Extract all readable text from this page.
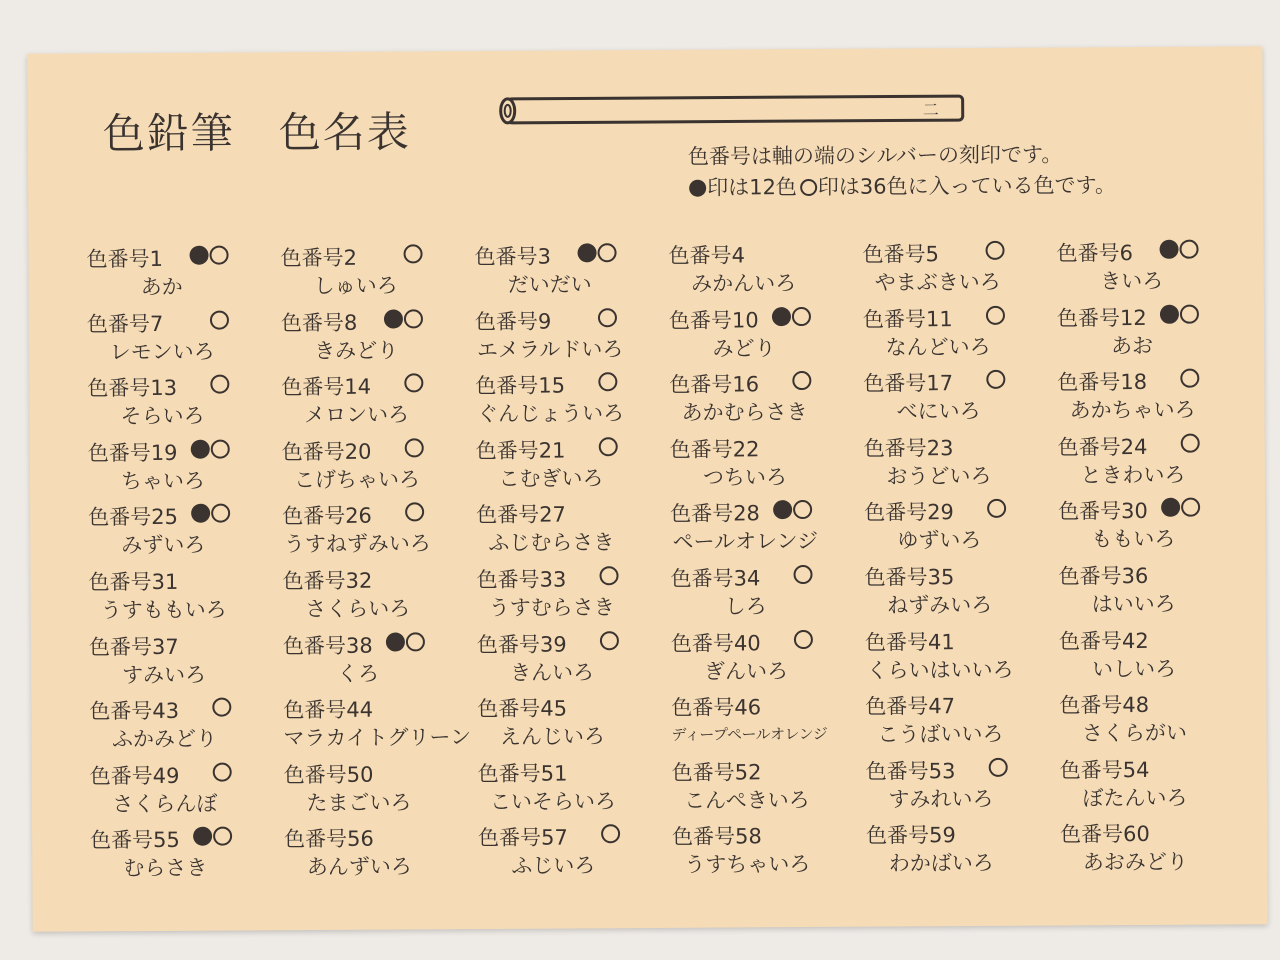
色鉛筆　色名表	二
色番号は軸の端のシルバーの刻印です。
印は12色 印は36色に入っている色です。
色番号1
あか
色番号2
しゅいろ
色番号3
だいだい
色番号4
みかんいろ
色番号5
やまぶきいろ
色番号6
きいろ
色番号7
レモンいろ
色番号8
きみどり
色番号9
エメラルドいろ
色番号10
みどり
色番号11
なんどいろ
色番号12
あお
色番号13
そらいろ
色番号14
メロンいろ
色番号15
ぐんじょういろ
色番号16
あかむらさき
色番号17
べにいろ
色番号18
あかちゃいろ
色番号19
ちゃいろ
色番号20
こげちゃいろ
色番号21
こむぎいろ
色番号22
つちいろ
色番号23
おうどいろ
色番号24
ときわいろ
色番号25
みずいろ
色番号26
うすねずみいろ
色番号27
ふじむらさき
色番号28
ペールオレンジ
色番号29
ゆずいろ
色番号30
ももいろ
色番号31
うすももいろ
色番号32
さくらいろ
色番号33
うすむらさき
色番号34
しろ
色番号35
ねずみいろ
色番号36
はいいろ
色番号37
すみいろ
色番号38
くろ
色番号39
きんいろ
色番号40
ぎんいろ
色番号41
くらいはいいろ
色番号42
いしいろ
色番号43
ふかみどり
色番号44
マラカイトグリーン
色番号45
えんじいろ
色番号46
ディープペールオレンジ
色番号47
こうばいいろ
色番号48
さくらがい
色番号49
さくらんぼ
色番号50
たまごいろ
色番号51
こいそらいろ
色番号52
こんぺきいろ
色番号53
すみれいろ
色番号54
ぼたんいろ
色番号55
むらさき
色番号56
あんずいろ
色番号57
ふじいろ
色番号58
うすちゃいろ
色番号59
わかばいろ
色番号60
あおみどり
